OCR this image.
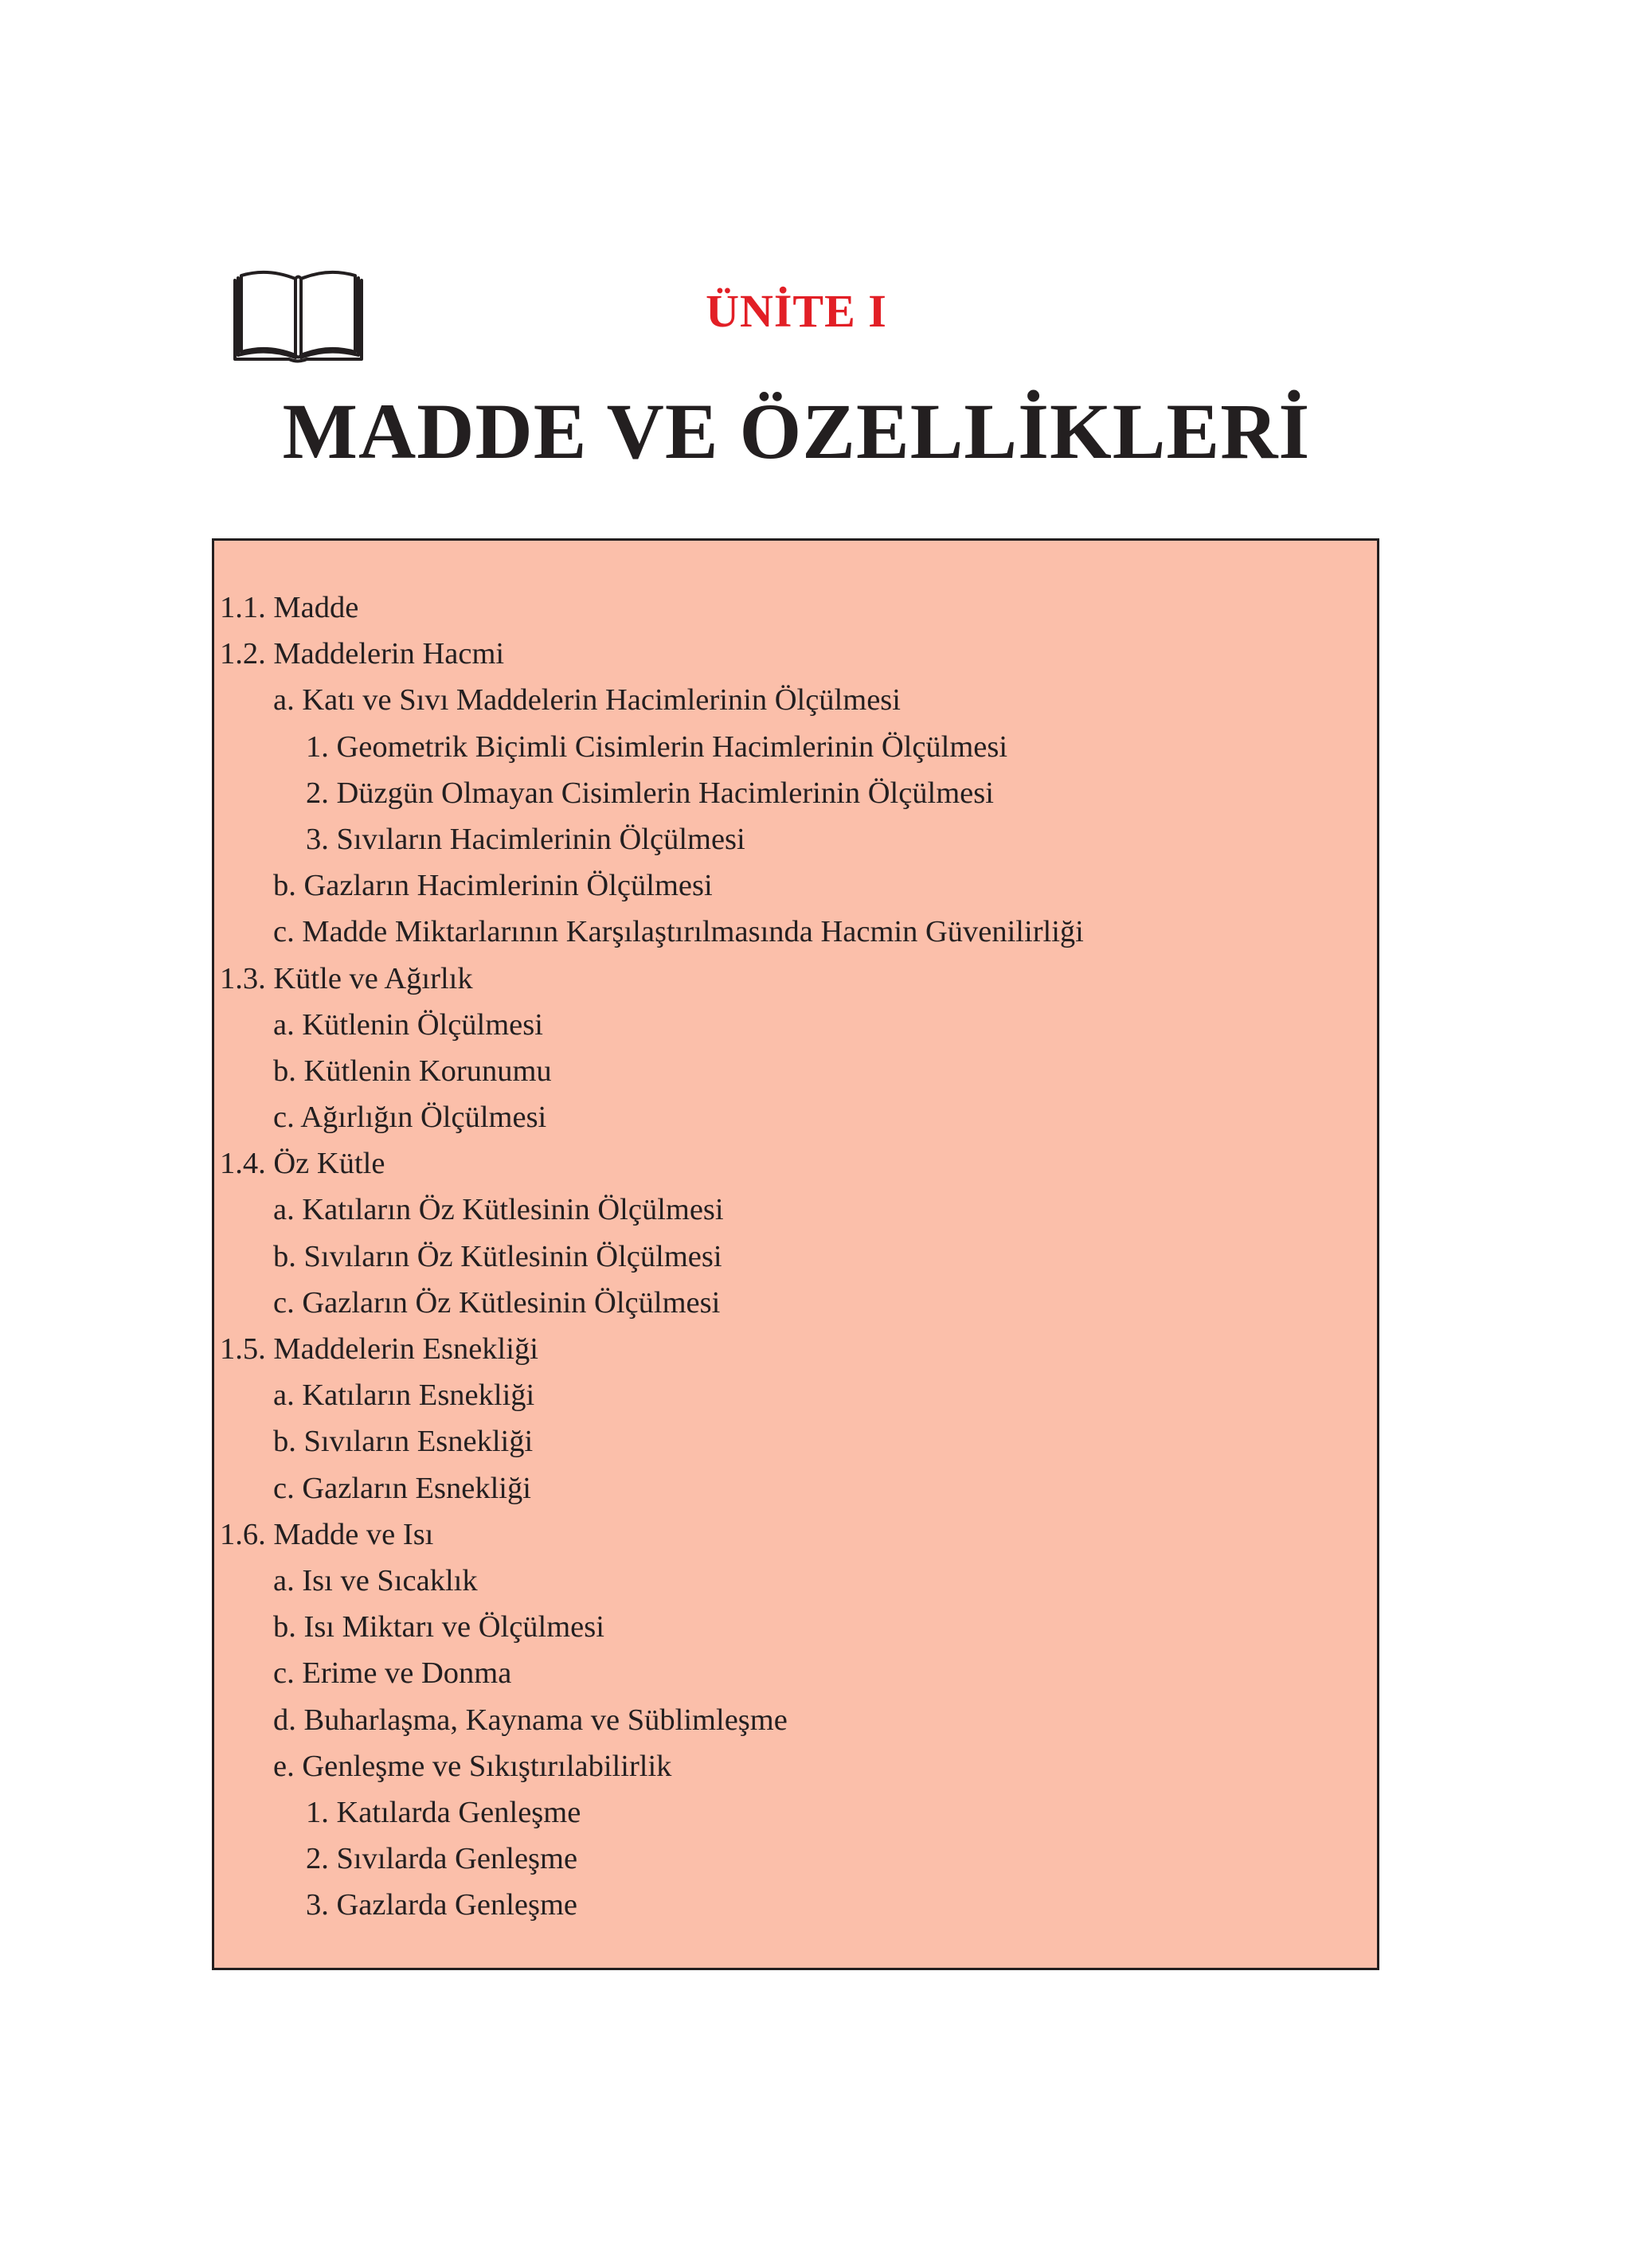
ÜNİTE I
MADDE VE ÖZELLİKLERİ
1.1. Madde
1.2. Maddelerin Hacmi
a. Katı ve Sıvı Maddelerin Hacimlerinin Ölçülmesi
1. Geometrik Biçimli Cisimlerin Hacimlerinin Ölçülmesi
2. Düzgün Olmayan Cisimlerin Hacimlerinin Ölçülmesi
3. Sıvıların Hacimlerinin Ölçülmesi
b. Gazların Hacimlerinin Ölçülmesi
c. Madde Miktarlarının Karşılaştırılmasında Hacmin Güvenilirliği
1.3. Kütle ve Ağırlık
a. Kütlenin Ölçülmesi
b. Kütlenin Korunumu
c. Ağırlığın Ölçülmesi
1.4. Öz Kütle
a. Katıların Öz Kütlesinin Ölçülmesi
b. Sıvıların Öz Kütlesinin Ölçülmesi
c. Gazların Öz Kütlesinin Ölçülmesi
1.5. Maddelerin Esnekliği
a. Katıların Esnekliği
b. Sıvıların Esnekliği
c. Gazların Esnekliği
1.6. Madde ve Isı
a. Isı ve Sıcaklık
b. Isı Miktarı ve Ölçülmesi
c. Erime ve Donma
d. Buharlaşma, Kaynama ve Süblimleşme
e. Genleşme ve Sıkıştırılabilirlik
1. Katılarda Genleşme
2. Sıvılarda Genleşme
3. Gazlarda Genleşme
